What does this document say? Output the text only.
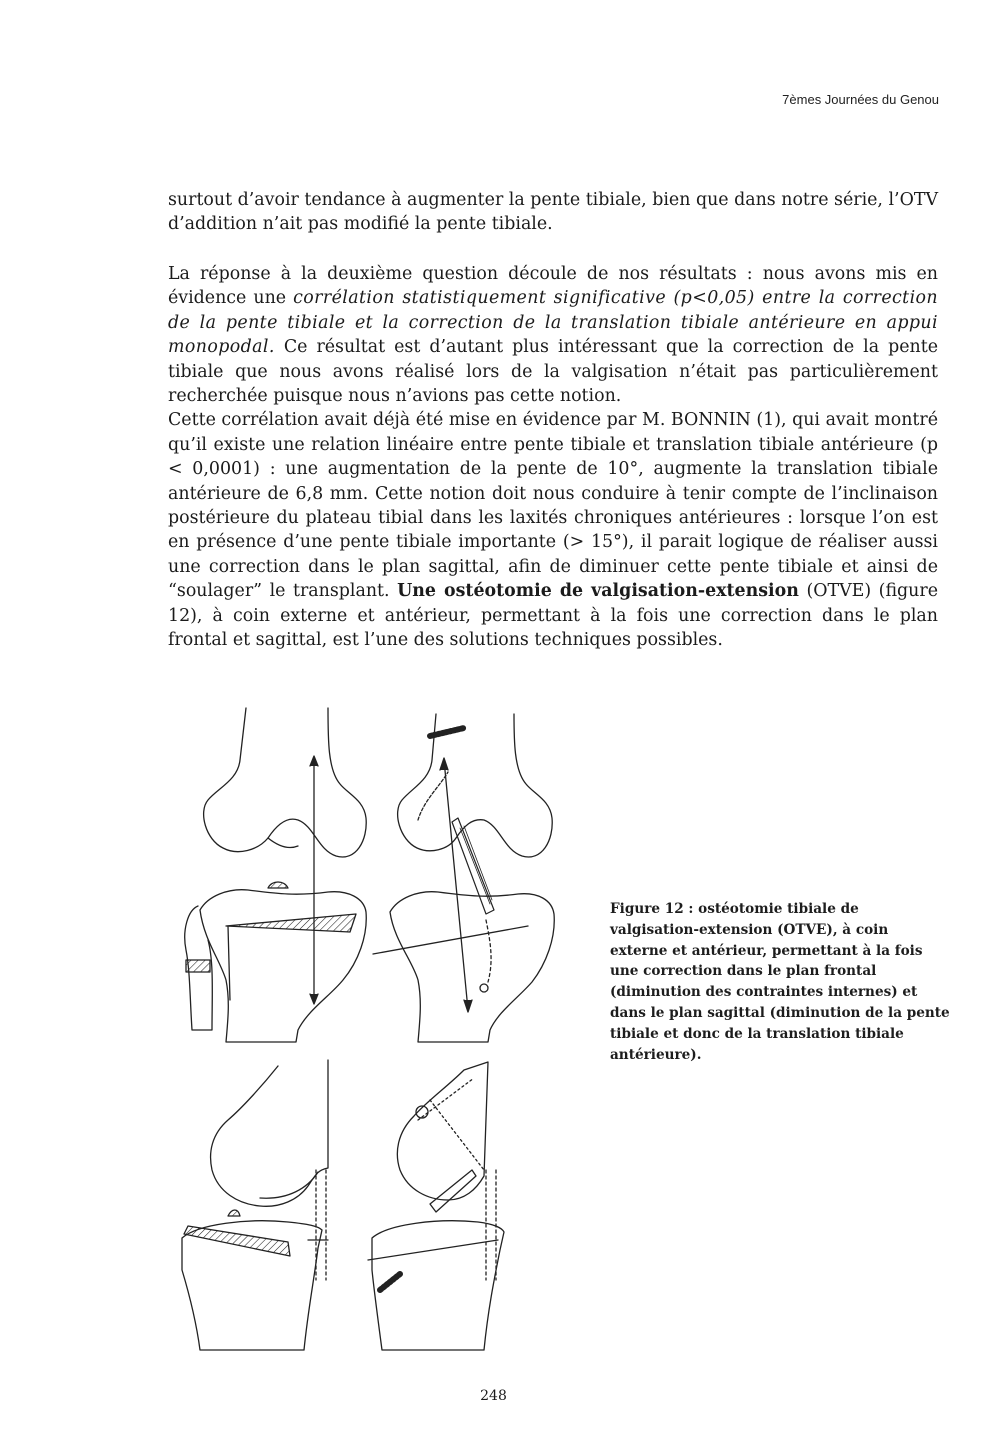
7èmes Journées du Genou

surtout d’avoir tendance à augmenter la pente tibiale, bien que dans notre série, l’OTV d’addition n’ait pas modifié la pente tibiale.

La réponse à la deuxième question découle de nos résultats : nous avons mis en évidence une corrélation statistiquement significative (p<0,05) entre la correction de la pente tibiale et la correction de la translation tibiale antérieure en appui monopodal. Ce résultat est d’autant plus intéressant que la correction de la pente tibiale que nous avons réalisé lors de la valgisation n’était pas particulièrement recherchée puisque nous n’avions pas cette notion.

Cette corrélation avait déjà été mise en évidence par M. BONNIN (1), qui avait montré qu’il existe une relation linéaire entre pente tibiale et translation tibiale antérieure (p < 0,0001) : une augmentation de la pente de 10°, augmente la translation tibiale antérieure de 6,8 mm. Cette notion doit nous conduire à tenir compte de l’inclinaison postérieure du plateau tibial dans les laxités chroniques antérieures : lorsque l’on est en présence d’une pente tibiale importante (> 15°), il parait logique de réaliser aussi une correction dans le plan sagittal, afin de diminuer cette pente tibiale et ainsi de “soulager” le transplant. Une ostéotomie de valgisation-extension (OTVE) (figure 12), à coin externe et antérieur, permettant à la fois une correction dans le plan frontal et sagittal, est l’une des solutions techniques possibles.

Figure 12 : ostéotomie tibiale de valgisation-extension (OTVE), à coin externe et antérieur, permettant à la fois une correction dans le plan frontal (diminution des contraintes internes) et dans le plan sagittal (diminution de la pente tibiale et donc de la translation tibiale antérieure).
248
